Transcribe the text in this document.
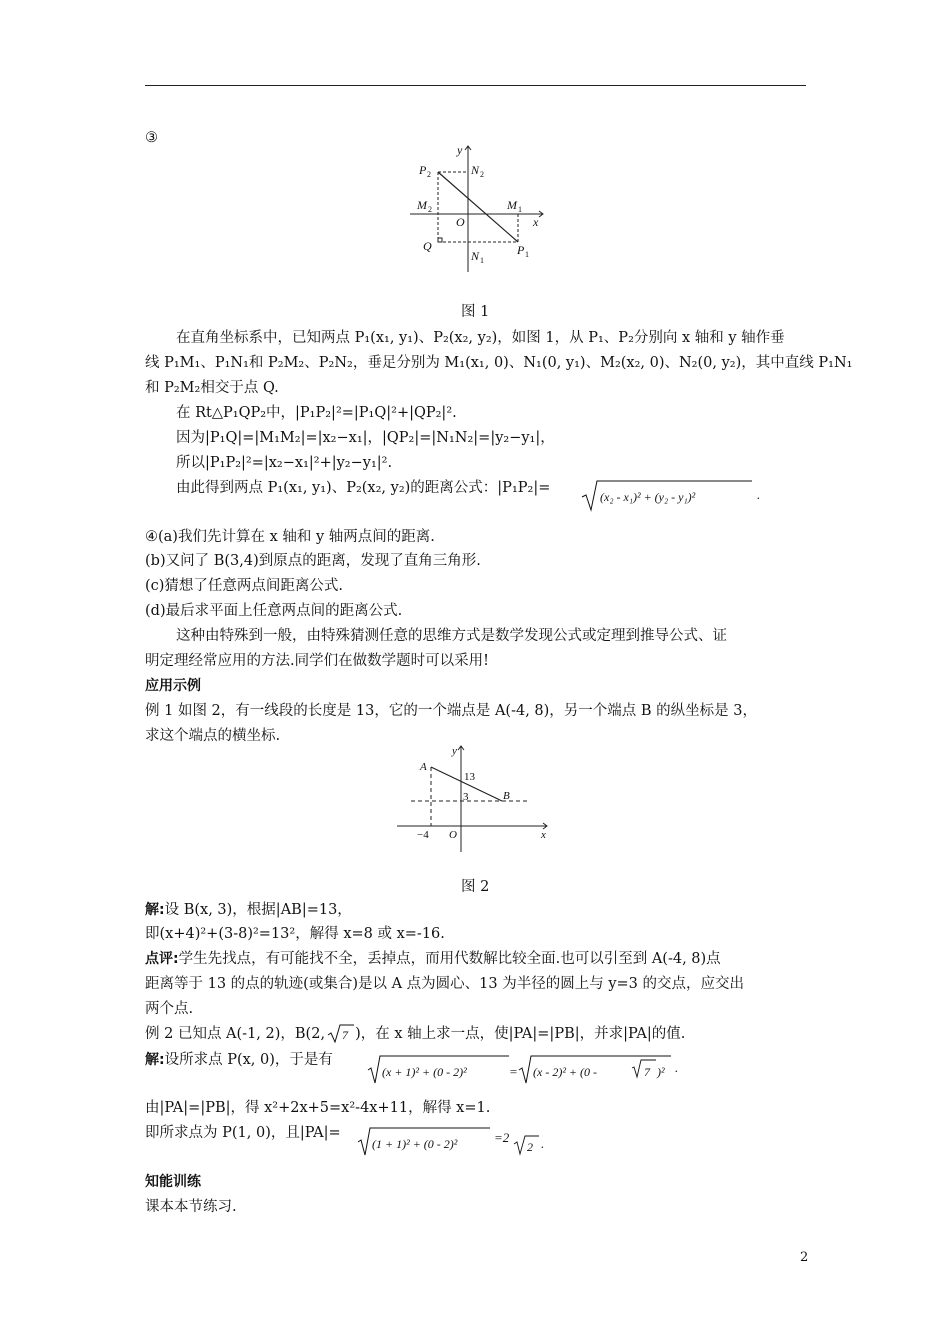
③
y
x
P 2	N 2
M 2	M 1
O
Q	P 1
N 1
图 1
在直角坐标系中，已知两点 P₁(x₁, y₁)、P₂(x₂, y₂)，如图 1，从 P₁、P₂分别向 x 轴和 y 轴作垂
线 P₁M₁、P₁N₁和 P₂M₂、P₂N₂，垂足分别为 M₁(x₁, 0)、N₁(0, y₁)、M₂(x₂, 0)、N₂(0, y₂)，其中直线 P₁N₁
和 P₂M₂相交于点 Q.
在 Rt△P₁QP₂中，|P₁P₂|²=|P₁Q|²+|QP₂|².
因为|P₁Q|=|M₁M₂|=|x₂−x₁|，|QP₂|=|N₁N₂|=|y₂−y₁|，
所以|P₁P₂|²=|x₂−x₁|²+|y₂−y₁|².
由此得到两点 P₁(x₁, y₁)、P₂(x₂, y₂)的距离公式：|P₁P₂|=
(x₂ - x₁)² + (y₂ - y₁)²	.
④(a)我们先计算在 x 轴和 y 轴两点间的距离.
(b)又问了 B(3,4)到原点的距离，发现了直角三角形.
(c)猜想了任意两点间距离公式.
(d)最后求平面上任意两点间的距离公式.
这种由特殊到一般，由特殊猜测任意的思维方式是数学发现公式或定理到推导公式、证
明定理经常应用的方法.同学们在做数学题时可以采用!
应用示例
例 1 如图 2，有一线段的长度是 13，它的一个端点是 A(-4, 8)，另一个端点 B 的纵坐标是 3，
求这个端点的横坐标.
y
x
A
B
13
3
−4 O
图 2
解:设 B(x, 3)，根据|AB|=13，
即(x+4)²+(3-8)²=13²，解得 x=8 或 x=-16.
点评:学生先找点，有可能找不全，丢掉点，而用代数解比较全面.也可以引至到 A(-4, 8)点
距离等于 13 的点的轨迹(或集合)是以 A 点为圆心、13 为半径的圆上与 y=3 的交点，应交出
两个点.
例 2 已知点 A(-1, 2)，B(2, 7 )，在 x 轴上求一点，使|PA|=|PB|，并求|PA|的值.
解:设所求点 P(x, 0)，于是有
(x + 1)² + (0 - 2)²	= (x - 2)² + (0 -	7 )² .
由|PA|=|PB|，得 x²+2x+5=x²-4x+11，解得 x=1.
即所求点为 P(1, 0)，且|PA|=
(1 + 1)² + (0 - 2)²	=2
2 .
知能训练
课本本节练习.
2
